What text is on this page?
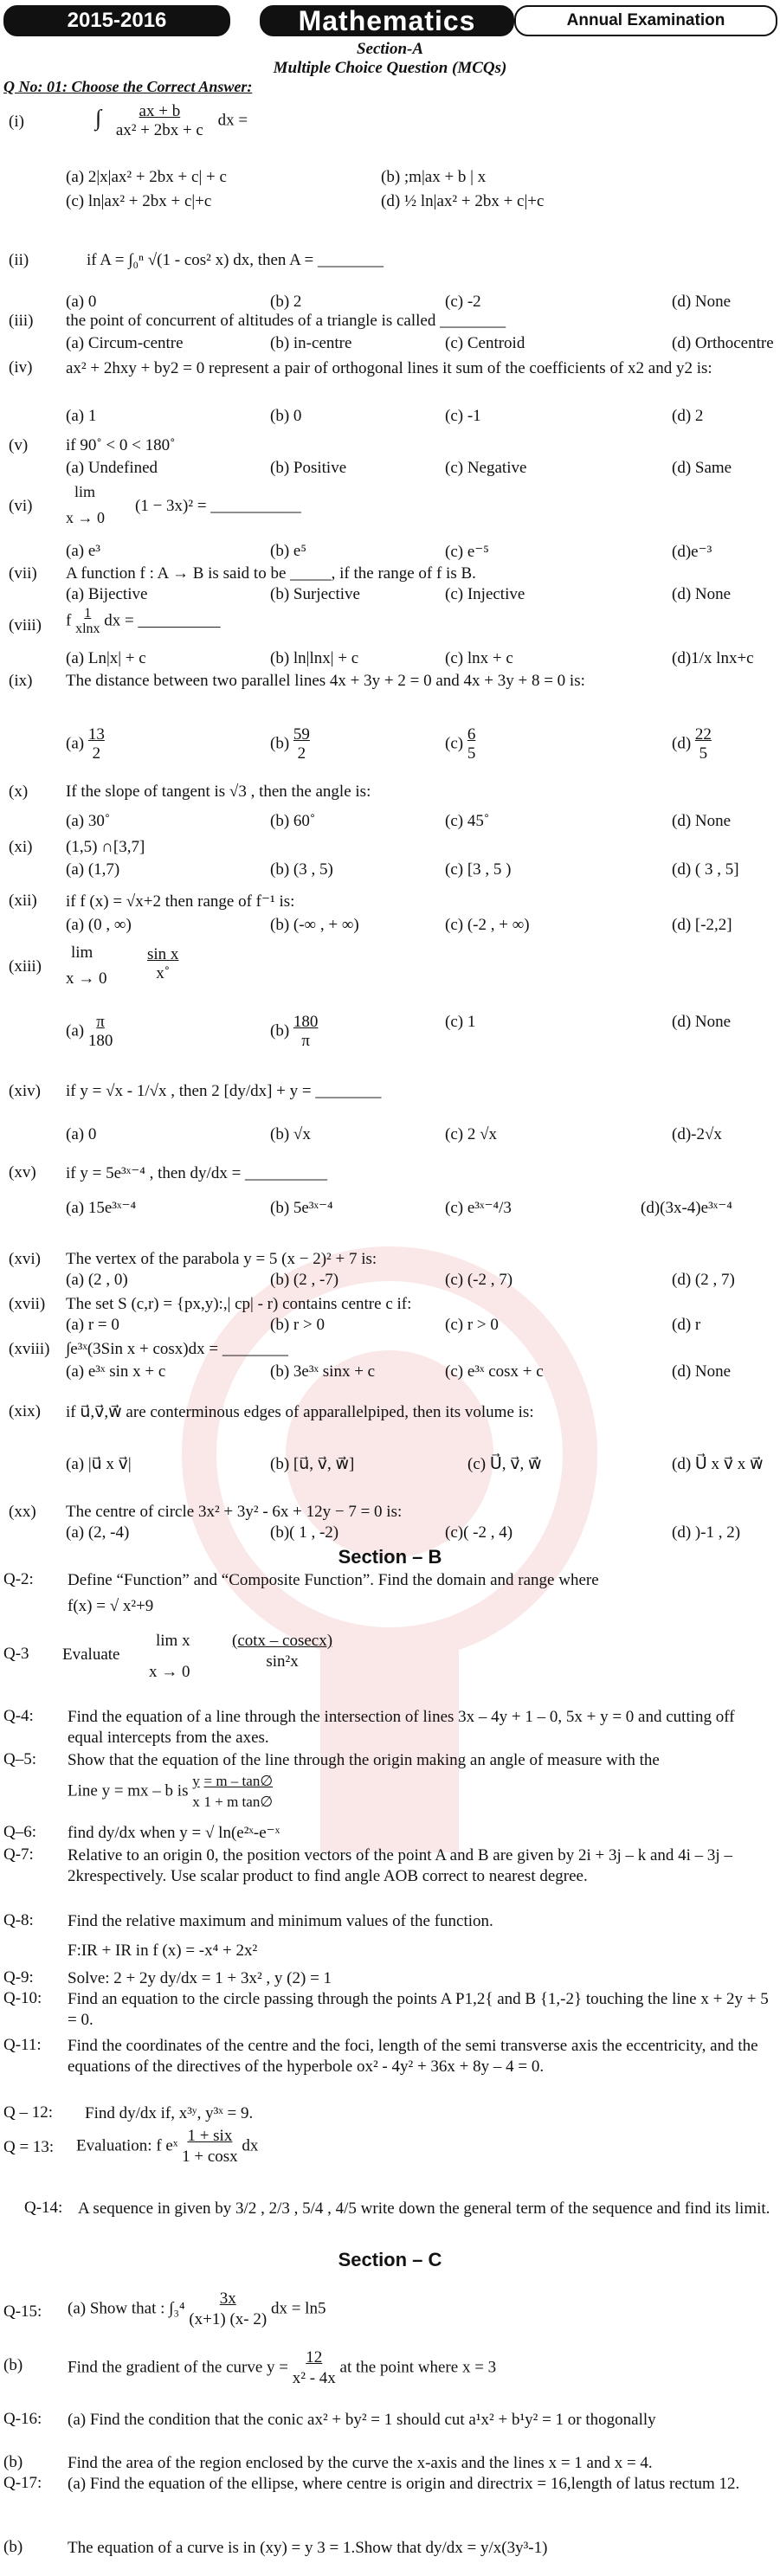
2015-2016	Mathematics	Annual Examination
Section-A
Multiple Choice Question (MCQs)
Q No: 01: Choose the Correct Answer:
(i)	∫ $\frac{ax + b}{\text{ax² + 2bx + c}}$ dx =
(a) 2|x|ax² + 2bx + c| + c	(b) ;m|ax + b | x
(c) ln|ax² + 2bx + c|+c	(d) ½ ln|ax² + 2bx + c|+c
(ii)	if A = ∫₀ⁿ √(1 - cos² x) dx, then A = ________
(a) 0	(b) 2	(c) -2	(d) None
(iii) the point of concurrent of altitudes of a triangle is called ________
(a) Circum-centre	(b) in-centre	(c) Centroid	(d) Orthocentre
(iv) ax² + 2hxy + by2 = 0 represent a pair of orthogonal lines it sum of the coefficients of x2 and y2 is:
(a) 1	(b) 0	(c) -1	(d) 2
(v) if 90˚ < 0 < 180˚
(a) Undefined	(b) Positive	(c) Negative	(d) Same
(vi)
lim
x → 0
(1 − 3x)² = ___________
(a) e³	(b) e⁵	(c) e⁻⁵	(d)e⁻³
(vii) A function f : A → B is said to be _____, if the range of f is B.
(a) Bijective	(b) Surjective	(c) Injective	(d) None
(viii) f $\frac{1}{xlnx}$ dx = __________
(a) Ln|x| + c	(b) ln|lnx| + c	(c) lnx + c	(d)1/x lnx+c
(ix) The distance between two parallel lines 4x + 3y + 2 = 0 and 4x + 3y + 8 = 0 is:
$(a) \frac{13}{2}$	$(b) \frac{59}{2}$	$(c) \frac{6}{5}$	$(d) \frac{22}{5}$
(x) If the slope of tangent is √3 , then the angle is:
(a) 30˚	(b) 60˚	(c) 45˚	(d) None
(xi) (1,5) ∩[3,7]
(a) (1,7)	(b) (3 , 5)	(c) [3 , 5 )	(d) ( 3 , 5]
(xii) if f (x) = √x+2 then range of f⁻¹ is:
(a) (0 , ∞)	(b) (-∞ , + ∞)	(c) (-2 , + ∞)	(d) [-2,2]
(xiii)
lim
$x \to 0 \frac{\text{sin x}}{x˚}$
$(a) \frac{\pi}{180}$	$(b) \frac{180}{\pi}$	(c) 1	(d) None
(xiv) if y = √x - 1/√x , then 2 [dy/dx] + y = ________
(a) 0	(b) √x	(c) 2 √x	(d)-2√x
(xv) if y = 5e³ˣ⁻⁴ , then dy/dx = __________
(a) 15e³ˣ⁻⁴	(b) 5e³ˣ⁻⁴	(c) e³ˣ⁻⁴/3	(d)(3x-4)e³ˣ⁻⁴
(xvi) The vertex of the parabola y = 5 (x − 2)² + 7 is:
(a) (2 , 0)	(b) (2 , -7)	(c) (-2 , 7)	(d) (2 , 7)
(xvii) The set S (c,r) = {px,y):,| cp| - r) contains centre c if:
(a) r = 0	(b) r > 0	(c) r > 0	(d) r
(xviii) ∫e³ˣ(3Sin x + cosx)dx = ________
(a) e³ˣ sin x + c	(b) 3e³ˣ sinx + c	(c) e³ˣ cosx + c	(d) None
(xix) if u⃗,v⃗,w⃗ are conterminous edges of apparallelpiped, then its volume is:
(a) |u⃗ x v⃗|	(b) [u⃗, v⃗, w⃗]	(c) U⃗, v⃗, w⃗	(d) U⃗ x v⃗ x w⃗
(xx) The centre of circle 3x² + 3y² - 6x + 12y − 7 = 0 is:
(a) (2, -4)	(b)( 1 , -2)	(c)( -2 , 4)	(d) )-1 , 2)
Section – B
Q-2: Define “Function” and “Composite Function”. Find the domain and range where
f(x) = √ x²+9
Q-3 Evaluate
lim x
x → 0	$\frac{(\cot x - cosecx)}{\text{sin²x}}$
Q-4: Find the equation of a line through the intersection of lines 3x – 4y + 1 – 0, 5x + y = 0 and cutting off equal intercepts from the axes.
Q–5: Show that the equation of the line through the origin making an angle of measure with the
Line y = mx – b is $\frac{y}{x}$
$\frac{= m - \tan\emptyset}{\text{1 + m tan∅}}$
Q–6: find dy/dx when y = √ ln(e²ˣ-e⁻ˣ
Q-7: Relative to an origin 0, the position vectors of the point A and B are given by 2i + 3j – k and 4i – 3j – 2krespectively. Use scalar product to find angle AOB correct to nearest degree.
Q-8: Find the relative maximum and minimum values of the function.
F:IR + IR in f (x) = -x⁴ + 2x²
Q-9: Solve: 2 + 2y dy/dx = 1 + 3x² , y (2) = 1
Q-10: Find an equation to the circle passing through the points A P1,2{ and B {1,-2} touching the line x + 2y + 5 = 0.
Q-11: Find the coordinates of the centre and the foci, length of the semi transverse axis the eccentricity, and the equations of the directives of the hyperbole ox² - 4y² + 36x + 8y – 4 = 0.
Q – 12: Find dy/dx if, x³ʸ, y³ˣ = 9.
Q = 13: Evaluation: f eˣ $\frac{\text{1 + six}}{1 + \cos x}$ dx
Q-14: A sequence in given by 3/2 , 2/3 , 5/4 , 4/5 write down the general term of the sequence and find its limit.
Section – C
Q-15: (a) Show that : $\int_3^4 \frac{3x}{(x+1) (x- 2)}$ dx = ln5
(b)	Find the gradient of the curve $y = \frac{12}{\text{x² - 4x}}$ at the point where x = 3
Q-16: (a) Find the condition that the conic ax² + by² = 1 should cut a¹x² + b¹y² = 1 or thogonally
(b)	Find the area of the region enclosed by the curve the x-axis and the lines x = 1 and x = 4.
Q-17: (a) Find the equation of the ellipse, where centre is origin and directrix = 16,length of latus rectum 12.
(b)	The equation of a curve is in (xy) = y 3 = 1.Show that dy/dx = y/x(3y³-1)
